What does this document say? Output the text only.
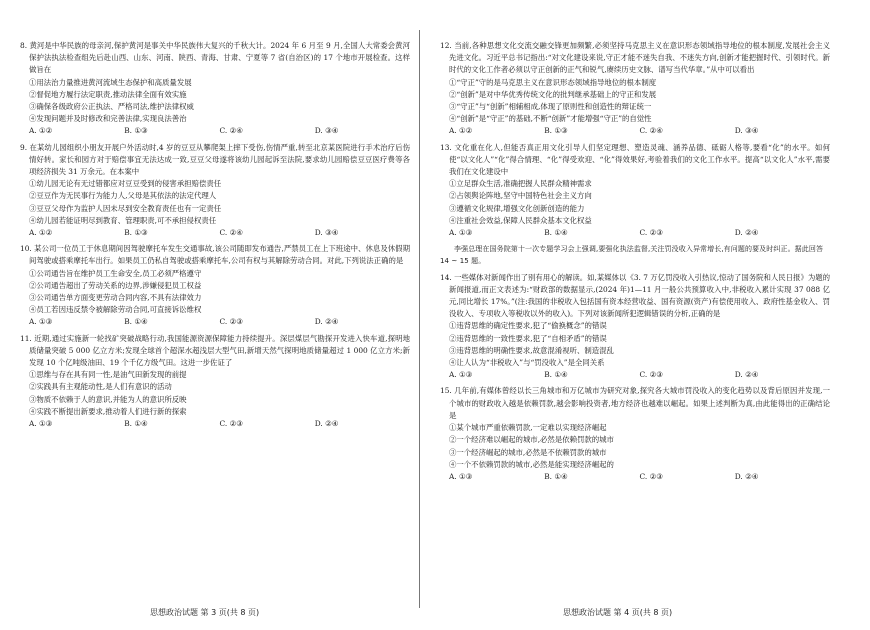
8. 黄河是中华民族的母亲河,保护黄河是事关中华民族伟大复兴的千秋大计。2024 年 6 月至 9 月,全国人大常委会黄河保护法执法检查组先后赴山西、山东、河南、陕西、青海、甘肃、宁夏等 7 省(自治区)的 17 个地市开展检查。这样做旨在
①用法治力量推进黄河流域生态保护和高质量发展
②督促地方履行法定职责,推动法律全面有效实施
③确保各级政府公正执法、严格司法,维护法律权威
④发现问题并及时修改和完善法律,实现良法善治
A. ①②	B. ①③	C. ②④	D. ③④
9. 在某幼儿园组织小朋友开展户外活动时,4 岁的豆豆从攀爬架上摔下受伤,伤情严重,转至北京某医院进行手术治疗后伤情好转。家长和园方对于赔偿事宜无法达成一致,豆豆父母遂将该幼儿园起诉至法院,要求幼儿园赔偿豆豆医疗费等各项经济损失 31 万余元。在本案中
①幼儿园无论有无过错都应对豆豆受到的侵害承担赔偿责任
②豆豆作为无民事行为能力人,父母是其依法的法定代理人
③豆豆父母作为监护人因未尽到安全教育责任也有一定责任
④幼儿园若能证明尽到教育、管理职责,可不承担侵权责任
A. ①②	B. ①③	C. ②④	D. ③④
10. 某公司一位员工于休息期间因驾驶摩托车发生交通事故,该公司随即发布通告,严禁员工在上下班途中、休息及休假期间驾驶或搭乘摩托车出行。如果员工仍私自驾驶或搭乘摩托车,公司有权与其解除劳动合同。对此,下列说法正确的是
①公司通告旨在维护员工生命安全,员工必须严格遵守
②公司通告超出了劳动关系的边界,涉嫌侵犯员工权益
③公司通告单方面变更劳动合同内容,不具有法律效力
④员工若因违反禁令被解除劳动合同,可直接诉讼维权
A. ①③	B. ①④	C. ②③	D. ②④
11. 近期,通过实施新一轮找矿突破战略行动,我国能源资源保障能力持续提升。深层煤层气勘探开发进入快车道,探明地质储量突破 5 000 亿立方米;发现全球首个超深水超浅层大型气田,新增天然气探明地质储量超过 1 000 亿立方米;新发现 10 个亿吨级油田、19 个千亿方级气田。这进一步佐证了
①思维与存在具有同一性,是油气田新发现的前提
②实践具有主观能动性,是人们有意识的活动
③物质不依赖于人的意识,并能为人的意识所反映
④实践不断提出新要求,推动着人们进行新的探索
A. ①③	B. ①④	C. ②③	D. ②④
12. 当前,各种思想文化交流交融交锋更加频繁,必须坚持马克思主义在意识形态领域指导地位的根本制度,发展社会主义先进文化。习近平总书记指出:“对文化建设来说,守正才能不迷失自我、不迷失方向,创新才能把握时代、引领时代。新时代的文化工作者必须以守正创新的正气和锐气,赓续历史文脉、谱写当代华章。”从中可以看出
①“守正”守的是马克思主义在意识形态领域指导地位的根本制度
②“创新”是对中华优秀传统文化的批判继承基础上的守正和发展
③“守正”与“创新”相辅相成,体现了原则性和创造性的辩证统一
④“创新”是“守正”的基础,不断“创新”才能增强“守正”的自觉性
A. ①②	B. ①③	C. ②④	D. ③④
13. 文化重在化人,但能否真正用文化引导人们坚定理想、塑造灵魂、涵养品德、砥砺人格等,要看“化”的水平。如何使“以文化人”“化”得合情理、“化”得受欢迎、“化”得效果好,考验着我们的文化工作水平。提高“以文化人”水平,需要我们在文化建设中
①立足群众生活,准确把握人民群众精神需求
②占领舆论阵地,坚守中国特色社会主义方向
③遵循文化规律,增强文化创新创造的能力
④注重社会效益,保障人民群众基本文化权益
A. ①③	B. ①④	C. ②③	D. ②④
李强总理在国务院第十一次专题学习会上强调,要强化执法监督,关注罚没收入异常增长,有问题的要及时纠正。据此回答 14 ~ 15 题。
14. 一些媒体对新闻作出了别有用心的解读。如,某媒体以《3. 7 万亿罚没收入引热议,惊动了国务院和人民日报》为题的新闻报道,而正文表述为:“财政部的数据显示,(2024 年)1—11 月一般公共预算收入中,非税收入累计实现 37 088 亿元,同比增长 17%。”(注:我国的非税收入包括国有资本经营收益、国有资源(资产)有偿使用收入、政府性基金收入、罚没收入、专项收入等税收以外的收入)。下列对该新闻所犯逻辑错误的分析,正确的是
①违背思维的确定性要求,犯了“偷换概念”的错误
②违背思维的一致性要求,犯了“自相矛盾”的错误
③违背思维的明确性要求,故意混淆视听、制造混乱
④让人认为“非税收入”与“罚没收入”是全同关系
A. ①③	B. ①④	C. ②③	D. ②④
15. 几年前,有媒体曾经以长三角城市和万亿城市为研究对象,探究各大城市罚没收入的变化趋势以及背后原因并发现,一个城市的财政收入越是依赖罚款,越会影响投资者,地方经济也越难以崛起。如果上述判断为真,由此能得出的正确结论是
①某个城市严重依赖罚款,一定难以实现经济崛起
②一个经济难以崛起的城市,必然是依赖罚款的城市
③一个经济崛起的城市,必然是不依赖罚款的城市
④一个不依赖罚款的城市,必然是能实现经济崛起的
A. ①③	B. ①④	C. ②③	D. ②④
思想政治试题 第 3 页(共 8 页)	思想政治试题 第 4 页(共 8 页)
